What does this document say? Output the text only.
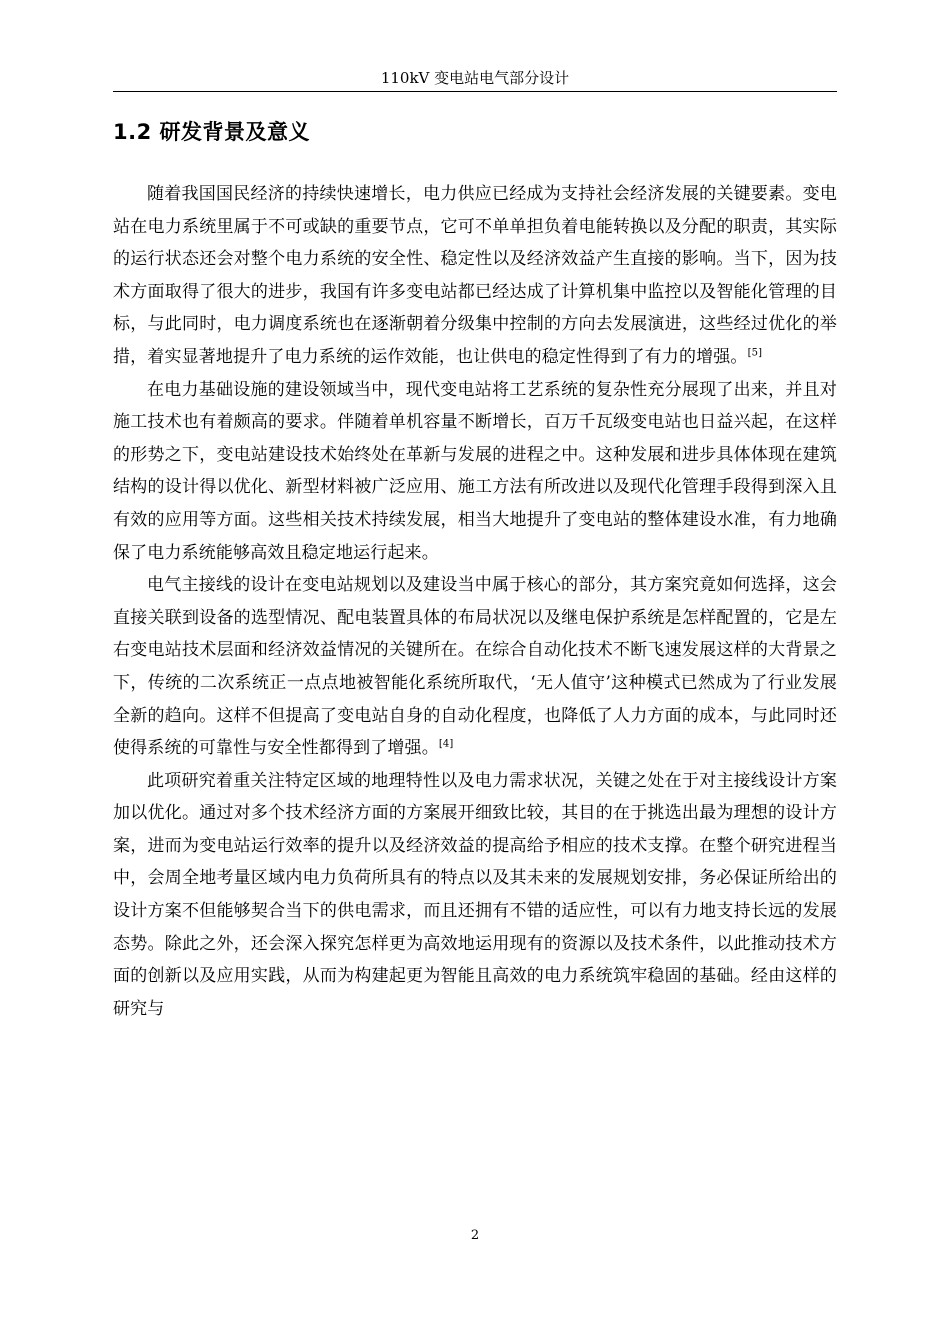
110kV 变电站电气部分设计
1.2 研发背景及意义

随着我国国民经济的持续快速增长，电力供应已经成为支持社会经济发展的关键要素。变电站在电力系统里属于不可或缺的重要节点，它可不单单担负着电能转换以及分配的职责，其实际的运行状态还会对整个电力系统的安全性、稳定性以及经济效益产生直接的影响。当下，因为技术方面取得了很大的进步，我国有许多变电站都已经达成了计算机集中监控以及智能化管理的目标，与此同时，电力调度系统也在逐渐朝着分级集中控制的方向去发展演进，这些经过优化的举措，着实显著地提升了电力系统的运作效能，也让供电的稳定性得到了有力的增强。[5]

在电力基础设施的建设领域当中，现代变电站将工艺系统的复杂性充分展现了出来，并且对施工技术也有着颇高的要求。伴随着单机容量不断增长，百万千瓦级变电站也日益兴起，在这样的形势之下，变电站建设技术始终处在革新与发展的进程之中。这种发展和进步具体体现在建筑结构的设计得以优化、新型材料被广泛应用、施工方法有所改进以及现代化管理手段得到深入且有效的应用等方面。这些相关技术持续发展，相当大地提升了变电站的整体建设水准，有力地确保了电力系统能够高效且稳定地运行起来。

电气主接线的设计在变电站规划以及建设当中属于核心的部分，其方案究竟如何选择，这会直接关联到设备的选型情况、配电装置具体的布局状况以及继电保护系统是怎样配置的，它是左右变电站技术层面和经济效益情况的关键所在。在综合自动化技术不断飞速发展这样的大背景之下，传统的二次系统正一点点地被智能化系统所取代，‘无人值守’这种模式已然成为了行业发展全新的趋向。这样不但提高了变电站自身的自动化程度，也降低了人力方面的成本，与此同时还使得系统的可靠性与安全性都得到了增强。[4]

此项研究着重关注特定区域的地理特性以及电力需求状况，关键之处在于对主接线设计方案加以优化。通过对多个技术经济方面的方案展开细致比较，其目的在于挑选出最为理想的设计方案，进而为变电站运行效率的提升以及经济效益的提高给予相应的技术支撑。在整个研究进程当中，会周全地考量区域内电力负荷所具有的特点以及其未来的发展规划安排，务必保证所给出的设计方案不但能够契合当下的供电需求，而且还拥有不错的适应性，可以有力地支持长远的发展态势。除此之外，还会深入探究怎样更为高效地运用现有的资源以及技术条件，以此推动技术方面的创新以及应用实践，从而为构建起更为智能且高效的电力系统筑牢稳固的基础。经由这样的研究与

2
